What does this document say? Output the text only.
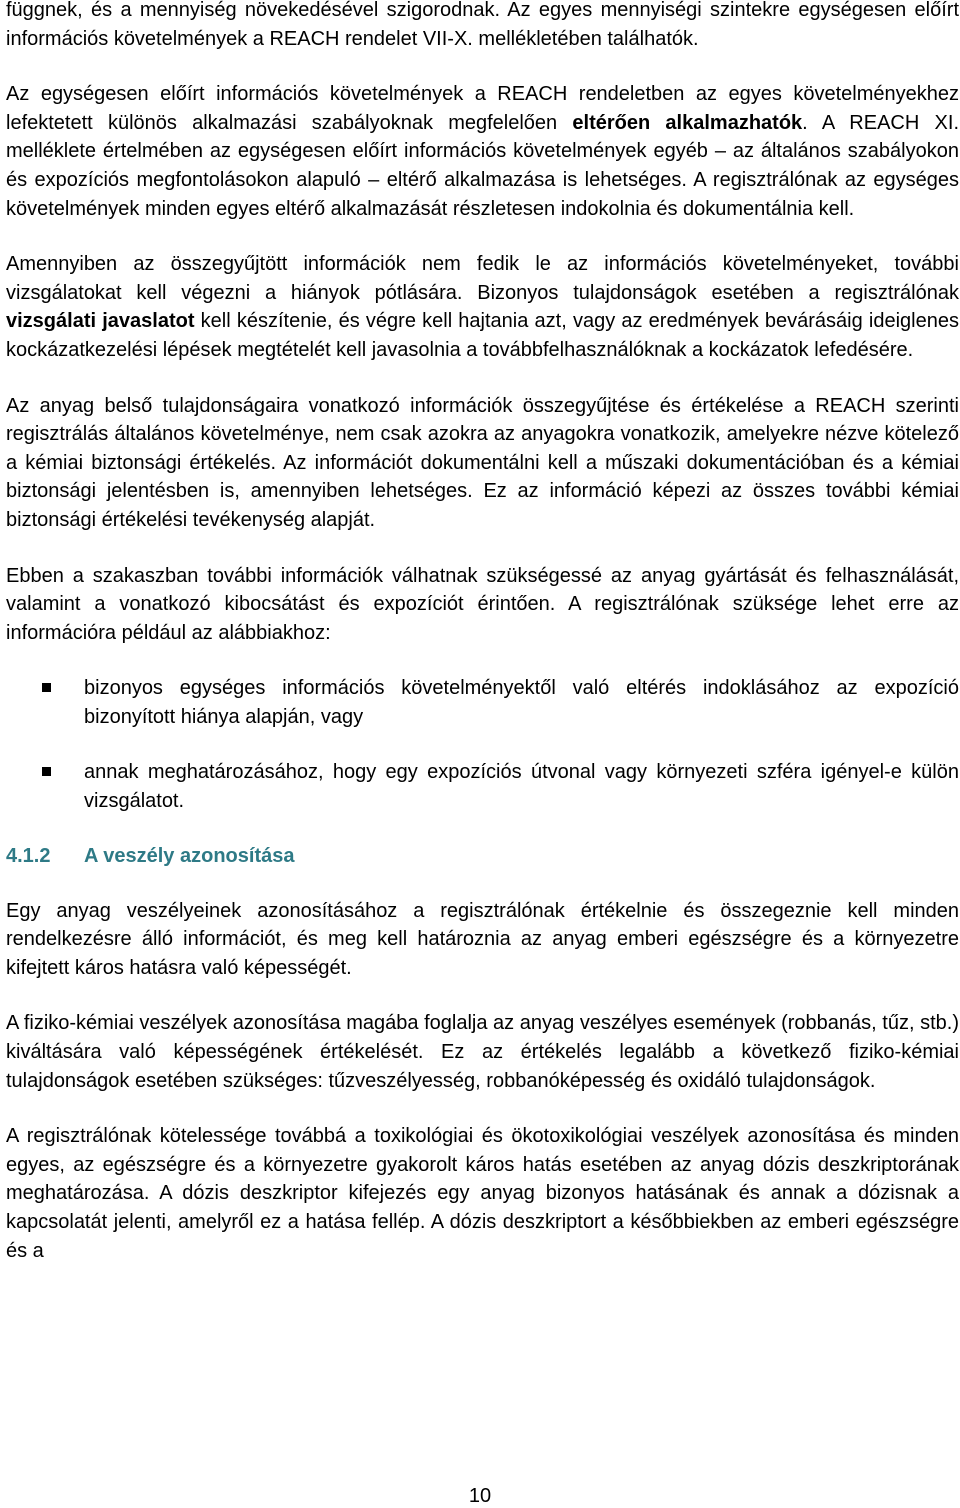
függnek, és a mennyiség növekedésével szigorodnak. Az egyes mennyiségi szintekre egységesen előírt információs követelmények a REACH rendelet VII-X. mellékletében találhatók.

Az egységesen előírt információs követelmények a REACH rendeletben az egyes követelményekhez lefektetett különös alkalmazási szabályoknak megfelelően eltérően alkalmazhatók. A REACH XI. melléklete értelmében az egységesen előírt információs követelmények egyéb – az általános szabályokon és expozíciós megfontolásokon alapuló – eltérő alkalmazása is lehetséges. A regisztrálónak az egységes követelmények minden egyes eltérő alkalmazását részletesen indokolnia és dokumentálnia kell.

Amennyiben az összegyűjtött információk nem fedik le az információs követelményeket, további vizsgálatokat kell végezni a hiányok pótlására. Bizonyos tulajdonságok esetében a regisztrálónak vizsgálati javaslatot kell készítenie, és végre kell hajtania azt, vagy az eredmények bevárásáig ideiglenes kockázatkezelési lépések megtételét kell javasolnia a továbbfelhasználóknak a kockázatok lefedésére.

Az anyag belső tulajdonságaira vonatkozó információk összegyűjtése és értékelése a REACH szerinti regisztrálás általános követelménye, nem csak azokra az anyagokra vonatkozik, amelyekre nézve kötelező a kémiai biztonsági értékelés. Az információt dokumentálni kell a műszaki dokumentációban és a kémiai biztonsági jelentésben is, amennyiben lehetséges. Ez az információ képezi az összes további kémiai biztonsági értékelési tevékenység alapját.

Ebben a szakaszban további információk válhatnak szükségessé az anyag gyártását és felhasználását, valamint a vonatkozó kibocsátást és expozíciót érintően. A regisztrálónak szüksége lehet erre az információra például az alábbiakhoz:

bizonyos egységes információs követelményektől való eltérés indoklásához az expozíció bizonyított hiánya alapján, vagy
annak meghatározásához, hogy egy expozíciós útvonal vagy környezeti szféra igényel-e külön vizsgálatot.
4.1.2	A veszély azonosítása

Egy anyag veszélyeinek azonosításához a regisztrálónak értékelnie és összegeznie kell minden rendelkezésre álló információt, és meg kell határoznia az anyag emberi egészségre és a környezetre kifejtett káros hatásra való képességét.

A fiziko-kémiai veszélyek azonosítása magába foglalja az anyag veszélyes események (robbanás, tűz, stb.) kiváltására való képességének értékelését. Ez az értékelés legalább a következő fiziko-kémiai tulajdonságok esetében szükséges: tűzveszélyesség, robbanóképesség és oxidáló tulajdonságok.

A regisztrálónak kötelessége továbbá a toxikológiai és ökotoxikológiai veszélyek azonosítása és minden egyes, az egészségre és a környezetre gyakorolt káros hatás esetében az anyag dózis deszkriptorának meghatározása. A dózis deszkriptor kifejezés egy anyag bizonyos hatásának és annak a dózisnak a kapcsolatát jelenti, amelyről ez a hatása fellép. A dózis deszkriptort a későbbiekben az emberi egészségre és a

10
